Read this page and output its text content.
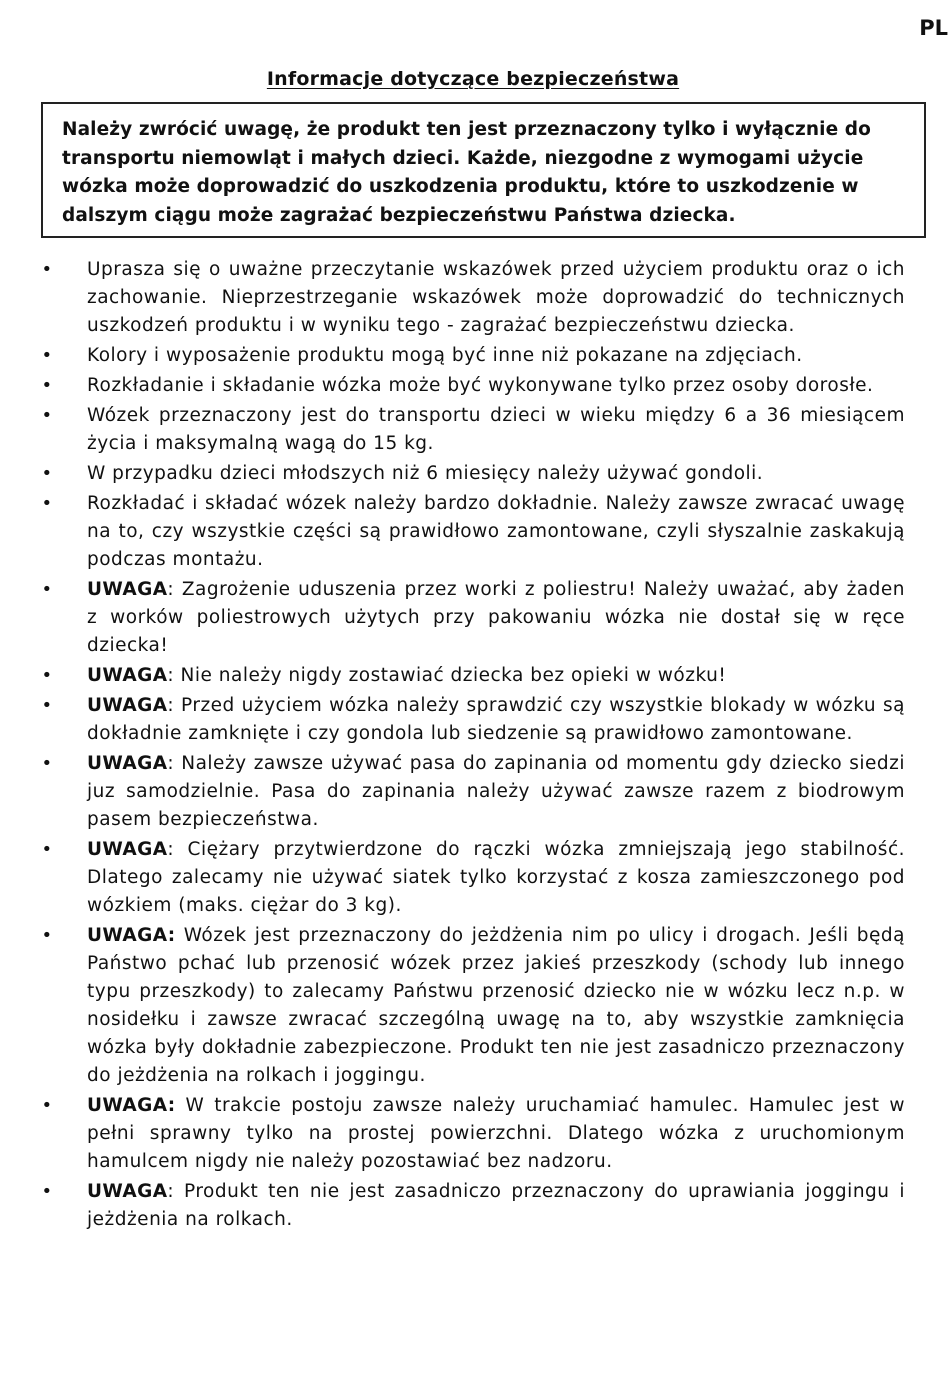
PL
Informacje dotyczące bezpieczeństwa
Należy zwrócić uwagę, że produkt ten jest przeznaczony tylko i wyłącznie do transportu niemowląt i małych dzieci. Każde, niezgodne z wymogami użycie wózka może doprowadzić do uszkodzenia produktu, które to uszkodzenie w dalszym ciągu może zagrażać bezpieczeństwu Państwa dziecka.
• Uprasza się o uważne przeczytanie wskazówek przed użyciem produktu oraz o ich zachowanie. Nieprzestrzeganie wskazówek może doprowadzić do technicznych uszkodzeń produktu i w wyniku tego - zagrażać bezpieczeństwu dziecka.
• Kolory i wyposażenie produktu mogą być inne niż pokazane na zdjęciach.
• Rozkładanie i składanie wózka może być wykonywane tylko przez osoby dorosłe.
• Wózek przeznaczony jest do transportu dzieci w wieku między 6 a 36 miesiącem życia i maksymalną wagą do 15 kg.
• W przypadku dzieci młodszych niż 6 miesięcy należy używać gondoli.
• Rozkładać i składać wózek należy bardzo dokładnie. Należy zawsze zwracać uwagę na to, czy wszystkie części są prawidłowo zamontowane, czyli słyszalnie zaskakują podczas montażu.
• UWAGA: Zagrożenie uduszenia przez worki z poliestru! Należy uważać, aby żaden z worków poliestrowych użytych przy pakowaniu wózka nie dostał się w ręce dziecka!
• UWAGA: Nie należy nigdy zostawiać dziecka bez opieki w wózku!
• UWAGA: Przed użyciem wózka należy sprawdzić czy wszystkie blokady w wózku są dokładnie zamknięte i czy gondola lub siedzenie są prawidłowo zamontowane.
• UWAGA: Należy zawsze używać pasa do zapinania od momentu gdy dziecko siedzi juz samodzielnie. Pasa do zapinania należy używać zawsze razem z biodrowym pasem bezpieczeństwa.
• UWAGA: Ciężary przytwierdzone do rączki wózka zmniejszają jego stabilność. Dlatego zalecamy nie używać siatek tylko korzystać z kosza zamieszczonego pod wózkiem (maks. ciężar do 3 kg).
• UWAGA: Wózek jest przeznaczony do jeżdżenia nim po ulicy i drogach. Jeśli będą Państwo pchać lub przenosić wózek przez jakieś przeszkody (schody lub innego typu przeszkody) to zalecamy Państwu przenosić dziecko nie w wózku lecz n.p. w nosidełku i zawsze zwracać szczególną uwagę na to, aby wszystkie zamknięcia wózka były dokładnie zabezpieczone. Produkt ten nie jest zasadniczo przeznaczony do jeżdżenia na rolkach i joggingu.
• UWAGA: W trakcie postoju zawsze należy uruchamiać hamulec. Hamulec jest w pełni sprawny tylko na prostej powierzchni. Dlatego wózka z uruchomionym hamulcem nigdy nie należy pozostawiać bez nadzoru.
• UWAGA: Produkt ten nie jest zasadniczo przeznaczony do uprawiania joggingu i jeżdżenia na rolkach.
